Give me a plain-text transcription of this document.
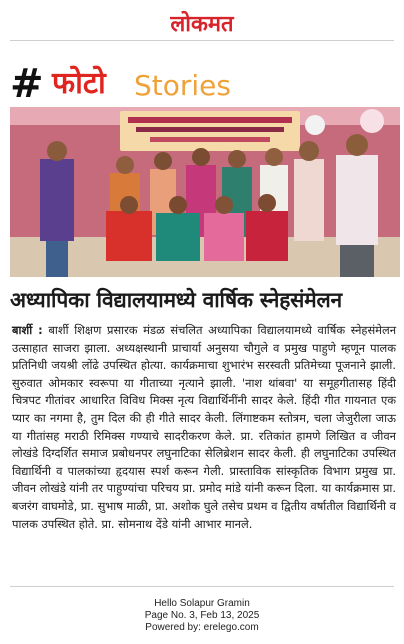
लोकमत
# फोटो Stories
अध्यापिका विद्यालयामध्ये वार्षिक स्नेहसंमेलन
बार्शी : बार्शी शिक्षण प्रसारक मंडळ संचलित अध्यापिका विद्यालयामध्ये वार्षिक स्नेहसंमेलन उत्साहात साजरा झाला. अध्यक्षस्थानी प्राचार्या अनुसया चौगुले व प्रमुख पाहुणे म्हणून पालक प्रतिनिधी जयश्री लोंढे उपस्थित होत्या. कार्यक्रमाचा शुभारंभ सरस्वती प्रतिमेच्या पूजनाने झाली. सुरुवात ओमकार स्वरूपा या गीताच्या नृत्याने झाली. 'नाश थांबवा' या समूहगीतासह हिंदी चित्रपट गीतांवर आधारित विविध मिक्स नृत्य विद्यार्थिनींनी सादर केले. हिंदी गीत गायनात एक प्यार का नगमा है, तुम दिल की ही गीते सादर केली. लिंगाष्टकम स्तोत्रम, चला जेजुरीला जाऊ या गीतांसह मराठी रिमिक्स गण्याचे सादरीकरण केले. प्रा. रतिकांत हामणे लिखित व जीवन लोखंडे दिग्दर्शित समाज प्रबोधनपर लघुनाटिका सेलिब्रेशन सादर केली. ही लघुनाटिका उपस्थित विद्यार्थिनी व पालकांच्या हृदयास स्पर्श करून गेली. प्रास्ताविक सांस्कृतिक विभाग प्रमुख प्रा. जीवन लोखंडे यांनी तर पाहुण्यांचा परिचय प्रा. प्रमोद मांडे यांनी करून दिला. या कार्यक्रमास प्रा. बजरंग वाघमोडे, प्रा. सुभाष माळी, प्रा. अशोक घुले तसेच प्रथम व द्वितीय वर्षातील विद्यार्थिनी व पालक उपस्थित होते. प्रा. सोमनाथ देंडे यांनी आभार मानले.
Hello Solapur Gramin
Page No. 3, Feb 13, 2025
Powered by: erelego.com
